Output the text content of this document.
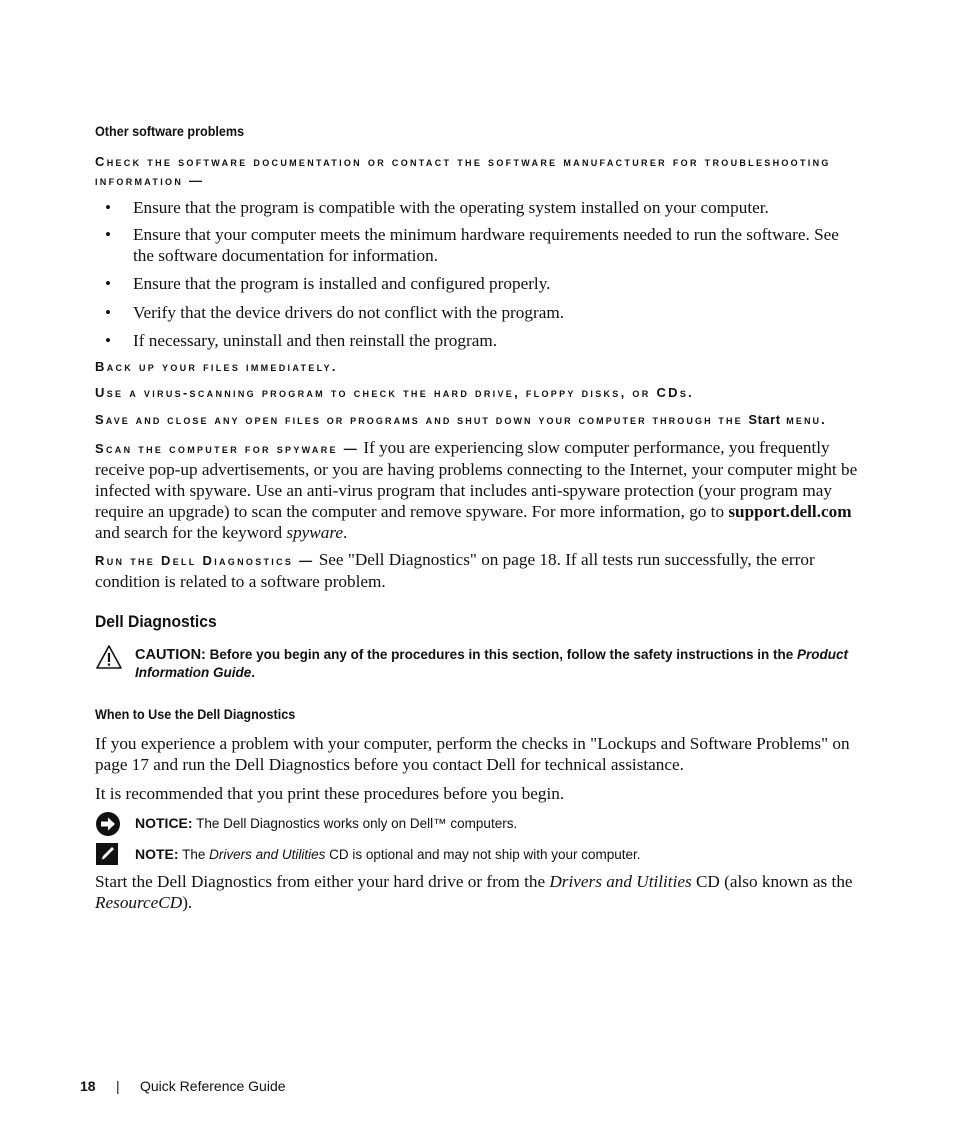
Other software problems
Check the software documentation or contact the software manufacturer for troubleshooting information —
• Ensure that the program is compatible with the operating system installed on your computer.
• Ensure that your computer meets the minimum hardware requirements needed to run the software. See the software documentation for information.
• Ensure that the program is installed and configured properly.
• Verify that the device drivers do not conflict with the program.
• If necessary, uninstall and then reinstall the program.
Back up your files immediately.
Use a virus-scanning program to check the hard drive, floppy disks, or CDs.
Save and close any open files or programs and shut down your computer through the Start menu.
Scan the computer for spyware — If you are experiencing slow computer performance, you frequently receive pop-up advertisements, or you are having problems connecting to the Internet, your computer might be infected with spyware. Use an anti-virus program that includes anti-spyware protection (your program may require an upgrade) to scan the computer and remove spyware. For more information, go to support.dell.com and search for the keyword spyware.
Run the Dell Diagnostics — See "Dell Diagnostics" on page 18. If all tests run successfully, the error condition is related to a software problem.
Dell Diagnostics
CAUTION: Before you begin any of the procedures in this section, follow the safety instructions in the Product Information Guide.
When to Use the Dell Diagnostics
If you experience a problem with your computer, perform the checks in "Lockups and Software Problems" on page 17 and run the Dell Diagnostics before you contact Dell for technical assistance.
It is recommended that you print these procedures before you begin.
NOTICE: The Dell Diagnostics works only on Dell™ computers.
NOTE: The Drivers and Utilities CD is optional and may not ship with your computer.
Start the Dell Diagnostics from either your hard drive or from the Drivers and Utilities CD (also known as the ResourceCD).
18 | Quick Reference Guide
